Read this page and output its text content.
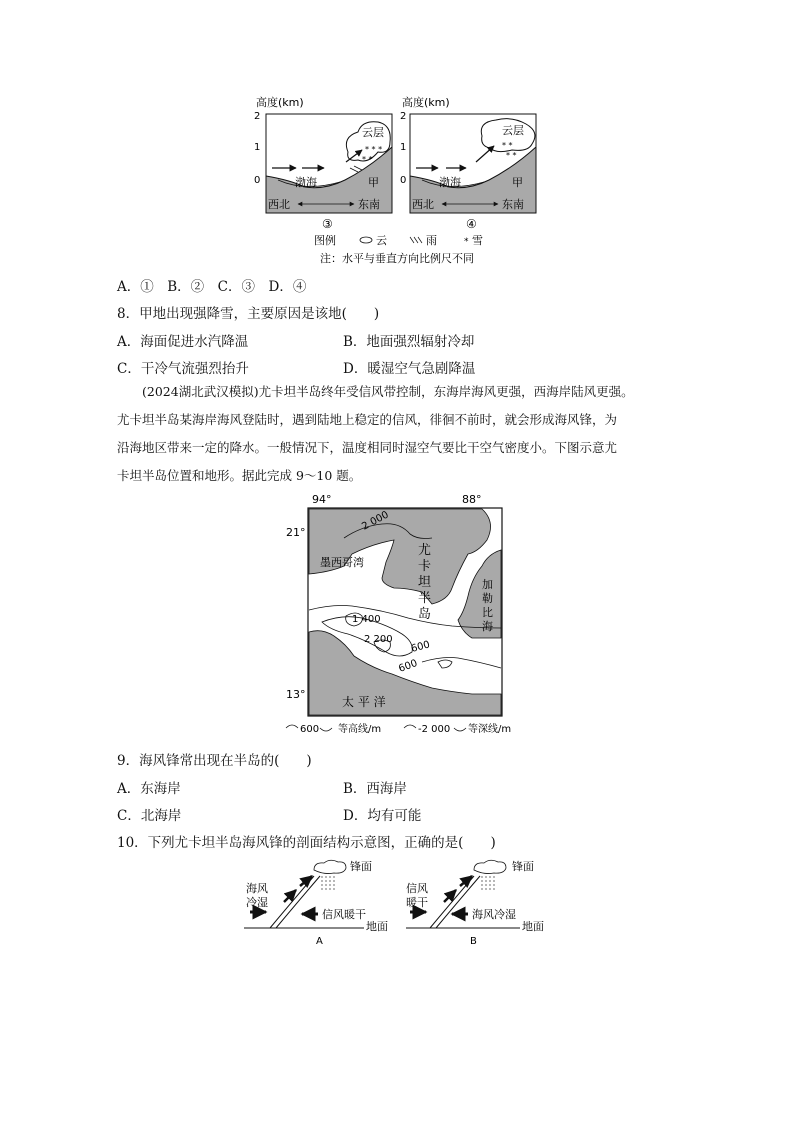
高度(km)
2
1
0	渤海	甲
云层
* * *
* *
西北	东南
③
高度(km)
2
1
0	渤海	甲
云层
* *
* *
西北	东南
④
图例	云	雨	* 雪
注：水平与垂直方向比例尺不同
A．①　B．②　C．③　D．④
8．甲地出现强降雪，主要原因是该地(　　)
A．海面促进水汽降温	B．地面强烈辐射冷却
C．干冷气流强烈抬升	D．暖湿空气急剧降温
(2024湖北武汉模拟)尤卡坦半岛终年受信风带控制，东海岸海风更强，西海岸陆风更强。
尤卡坦半岛某海岸海风登陆时，遇到陆地上稳定的信风，徘徊不前时，就会形成海风锋，为
沿海地区带来一定的降水。一般情况下，温度相同时湿空气要比干空气密度小。下图示意尤
卡坦半岛位置和地形。据此完成 9～10 题。
94°	88°
21°
13°
2 000
墨西哥湾
尤
卡
坦
半
岛
加
勒
比
海
1 400
2 200 600
600
太 平 洋
600 等高线/m	-2 000 等深线/m
9．海风锋常出现在半岛的(　　)
A．东海岸	B．西海岸
C．北海岸	D．均有可能
10．下列尤卡坦半岛海风锋的剖面结构示意图，正确的是(　　)
锋面
海风
冷湿
信风暖干
地面
A
锋面
信风
暖干
海风冷湿
地面
B
